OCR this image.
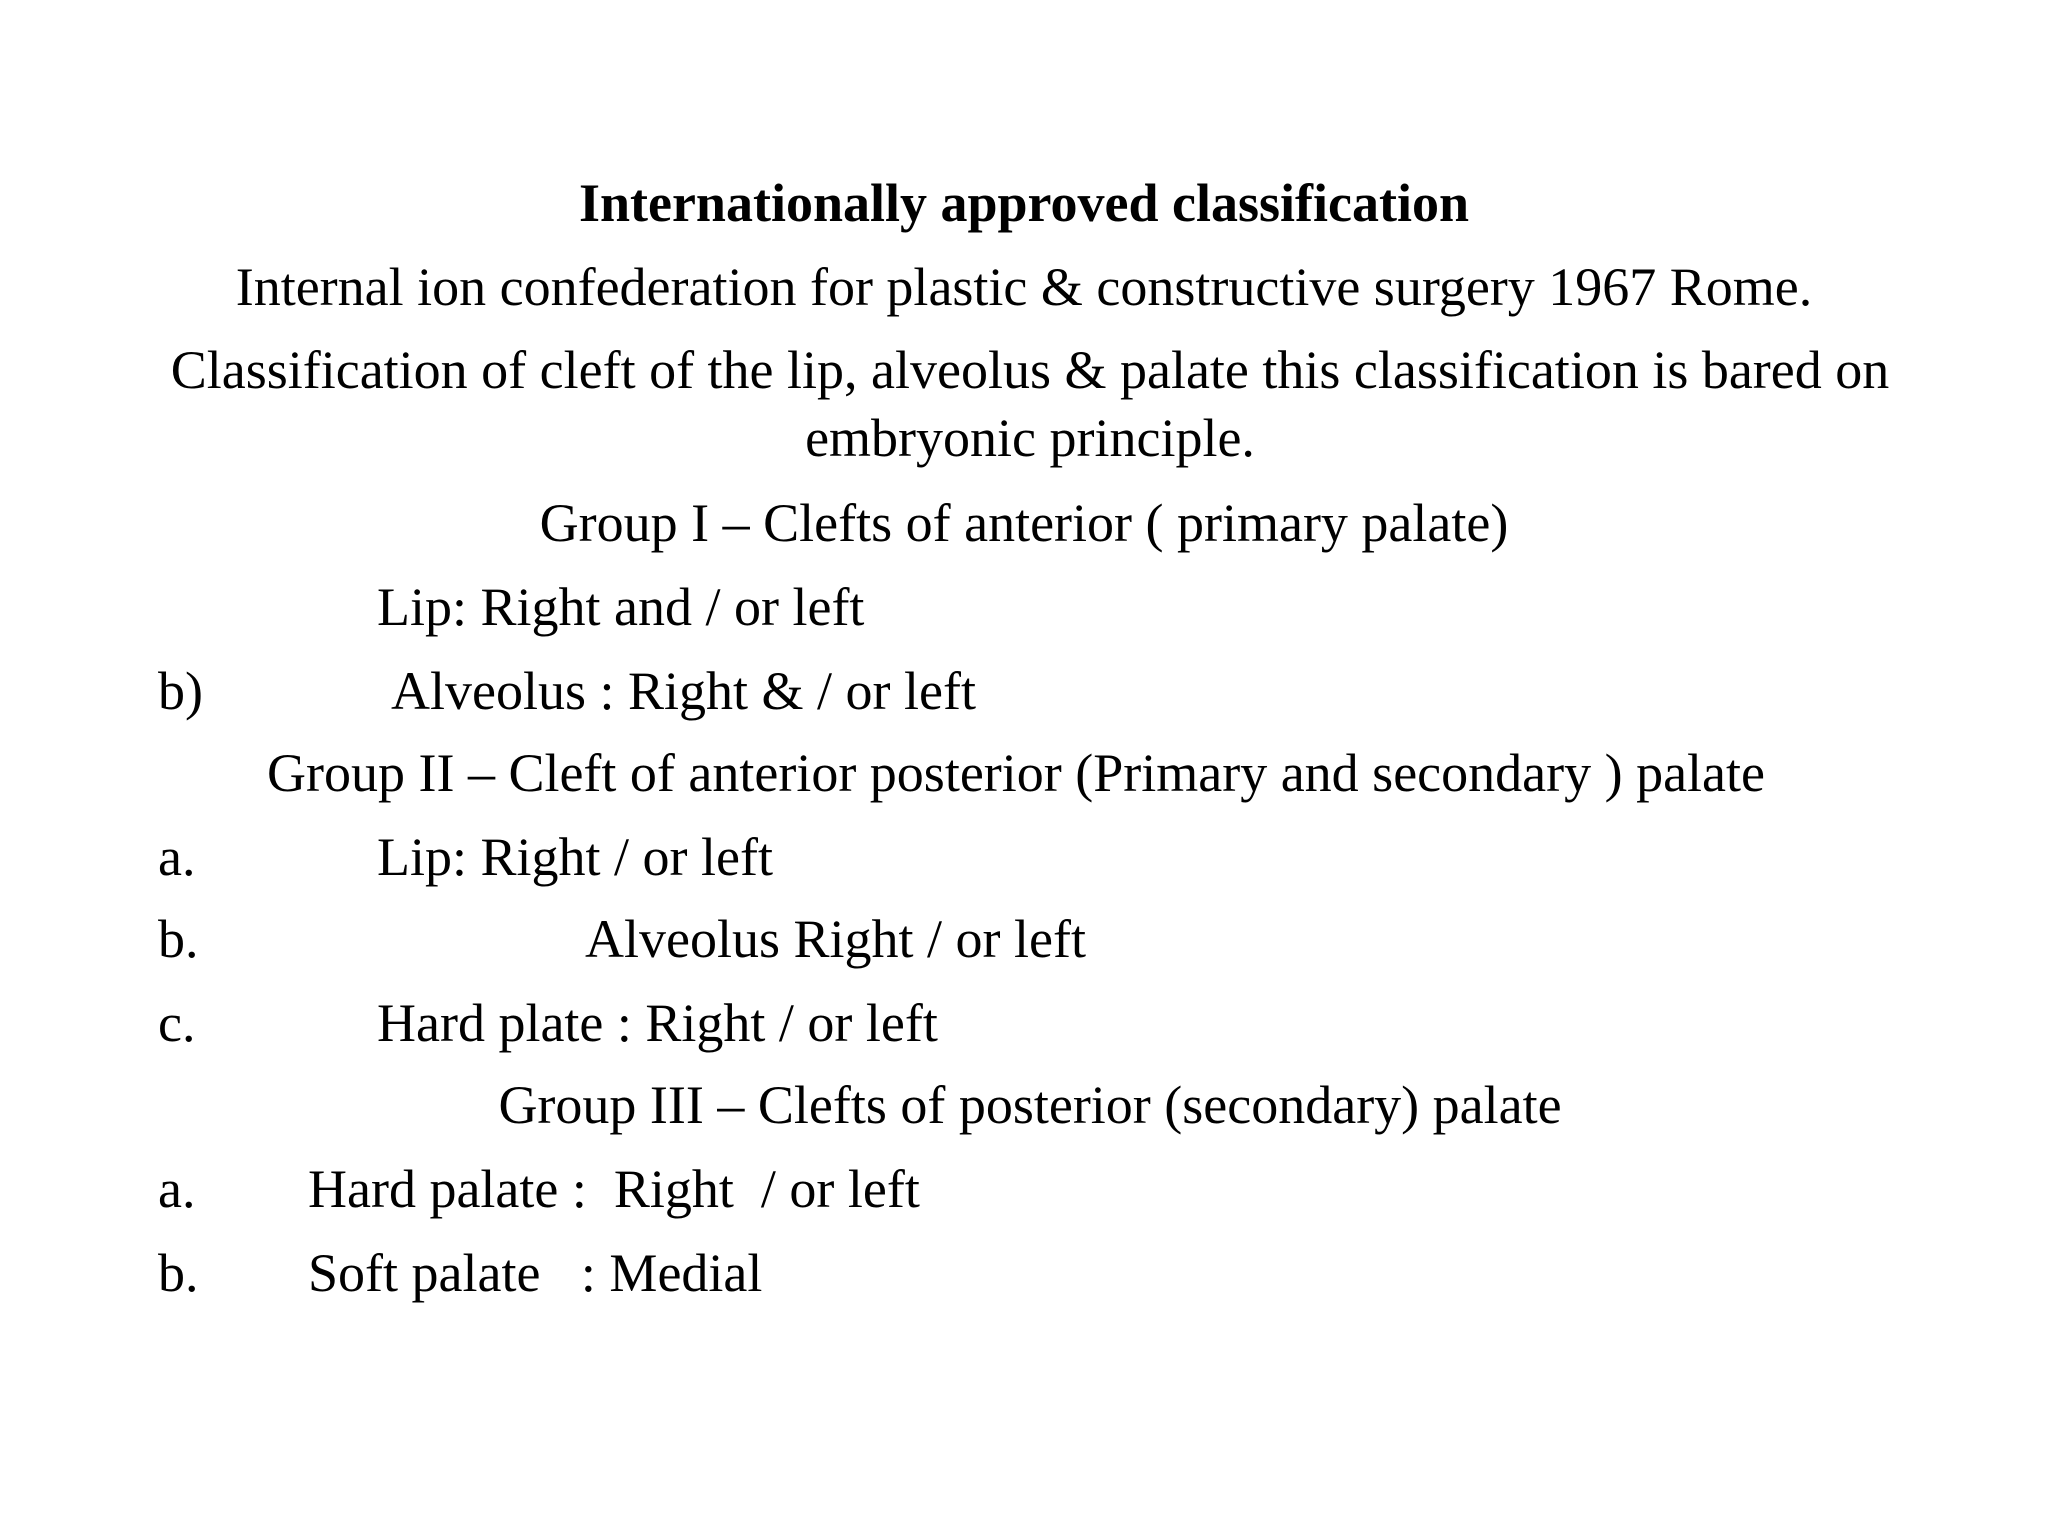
Internationally approved classification
Internal ion confederation for plastic & constructive surgery 1967 Rome.
Classification of cleft of the lip, alveolus & palate this classification is bared on embryonic principle.
Group I – Clefts of anterior ( primary palate)
Lip: Right and / or left
b)	Alveolus : Right & / or left
Group II – Cleft of anterior posterior (Primary and secondary ) palate
a.	Lip: Right / or left
b.	Alveolus Right / or left
c.	Hard plate : Right / or left
Group III – Clefts of posterior (secondary) palate
a. Hard palate :  Right  / or left
b. Soft palate   : Medial
